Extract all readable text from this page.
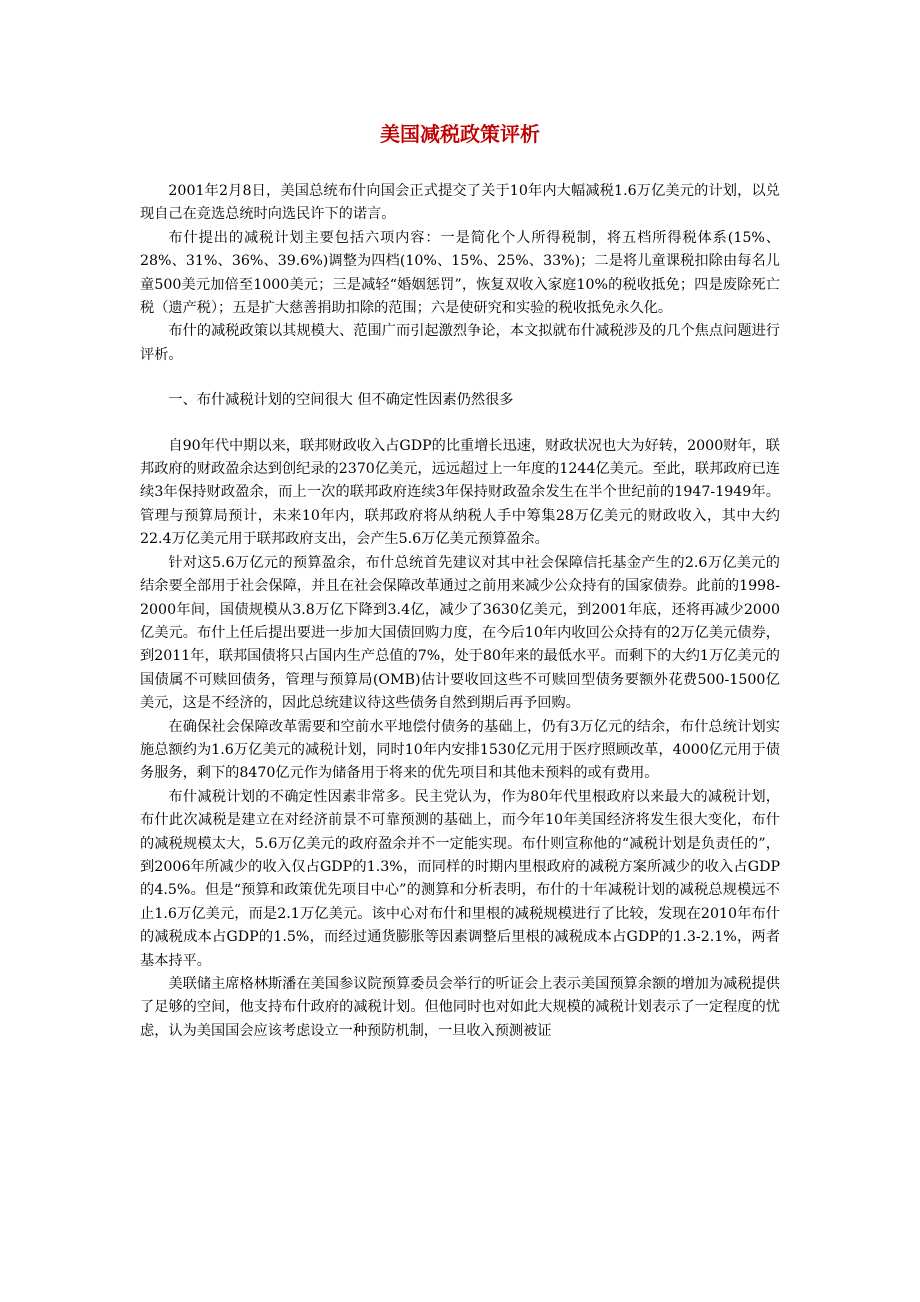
美国减税政策评析

2001年2月8日，美国总统布什向国会正式提交了关于10年内大幅减税1.6万亿美元的计划，以兑现自己在竞选总统时向选民许下的诺言。

布什提出的减税计划主要包括六项内容：一是简化个人所得税制，将五档所得税体系(15%、28%、31%、36%、39.6%)调整为四档(10%、15%、25%、33%)；二是将儿童课税扣除由每名儿童500美元加倍至1000美元；三是减轻“婚姻惩罚”，恢复双收入家庭10%的税收抵免；四是废除死亡税（遗产税）；五是扩大慈善捐助扣除的范围；六是使研究和实验的税收抵免永久化。

布什的减税政策以其规模大、范围广而引起激烈争论，本文拟就布什减税涉及的几个焦点问题进行评析。

一、布什减税计划的空间很大 但不确定性因素仍然很多

自90年代中期以来，联邦财政收入占GDP的比重增长迅速，财政状况也大为好转，2000财年，联邦政府的财政盈余达到创纪录的2370亿美元，远远超过上一年度的1244亿美元。至此，联邦政府已连续3年保持财政盈余，而上一次的联邦政府连续3年保持财政盈余发生在半个世纪前的1947-1949年。管理与预算局预计，未来10年内，联邦政府将从纳税人手中筹集28万亿美元的财政收入，其中大约22.4万亿美元用于联邦政府支出，会产生5.6万亿美元预算盈余。

针对这5.6万亿元的预算盈余，布什总统首先建议对其中社会保障信托基金产生的2.6万亿美元的结余要全部用于社会保障，并且在社会保障改革通过之前用来减少公众持有的国家债券。此前的1998-2000年间，国债规模从3.8万亿下降到3.4亿，减少了3630亿美元，到2001年底，还将再减少2000亿美元。布什上任后提出要进一步加大国债回购力度，在今后10年内收回公众持有的2万亿美元债券，到2011年，联邦国债将只占国内生产总值的7%，处于80年来的最低水平。而剩下的大约1万亿美元的国债属不可赎回债务，管理与预算局(OMB)估计要收回这些不可赎回型债务要额外花费500-1500亿美元，这是不经济的，因此总统建议待这些债务自然到期后再予回购。

在确保社会保障改革需要和空前水平地偿付债务的基础上，仍有3万亿元的结余，布什总统计划实施总额约为1.6万亿美元的减税计划，同时10年内安排1530亿元用于医疗照顾改革，4000亿元用于债务服务，剩下的8470亿元作为储备用于将来的优先项目和其他未预料的或有费用。

布什减税计划的不确定性因素非常多。民主党认为，作为80年代里根政府以来最大的减税计划，布什此次减税是建立在对经济前景不可靠预测的基础上，而今年10年美国经济将发生很大变化，布什的减税规模太大，5.6万亿美元的政府盈余并不一定能实现。布什则宣称他的“减税计划是负责任的”，到2006年所减少的收入仅占GDP的1.3%，而同样的时期内里根政府的减税方案所减少的收入占GDP的4.5%。但是“预算和政策优先项目中心”的测算和分析表明，布什的十年减税计划的减税总规模远不止1.6万亿美元，而是2.1万亿美元。该中心对布什和里根的减税规模进行了比较，发现在2010年布什的减税成本占GDP的1.5%，而经过通货膨胀等因素调整后里根的减税成本占GDP的1.3-2.1%，两者基本持平。

美联储主席格林斯潘在美国参议院预算委员会举行的听证会上表示美国预算余额的增加为减税提供了足够的空间，他支持布什政府的减税计划。但他同时也对如此大规模的减税计划表示了一定程度的忧虑，认为美国国会应该考虑设立一种预防机制，一旦收入预测被证
